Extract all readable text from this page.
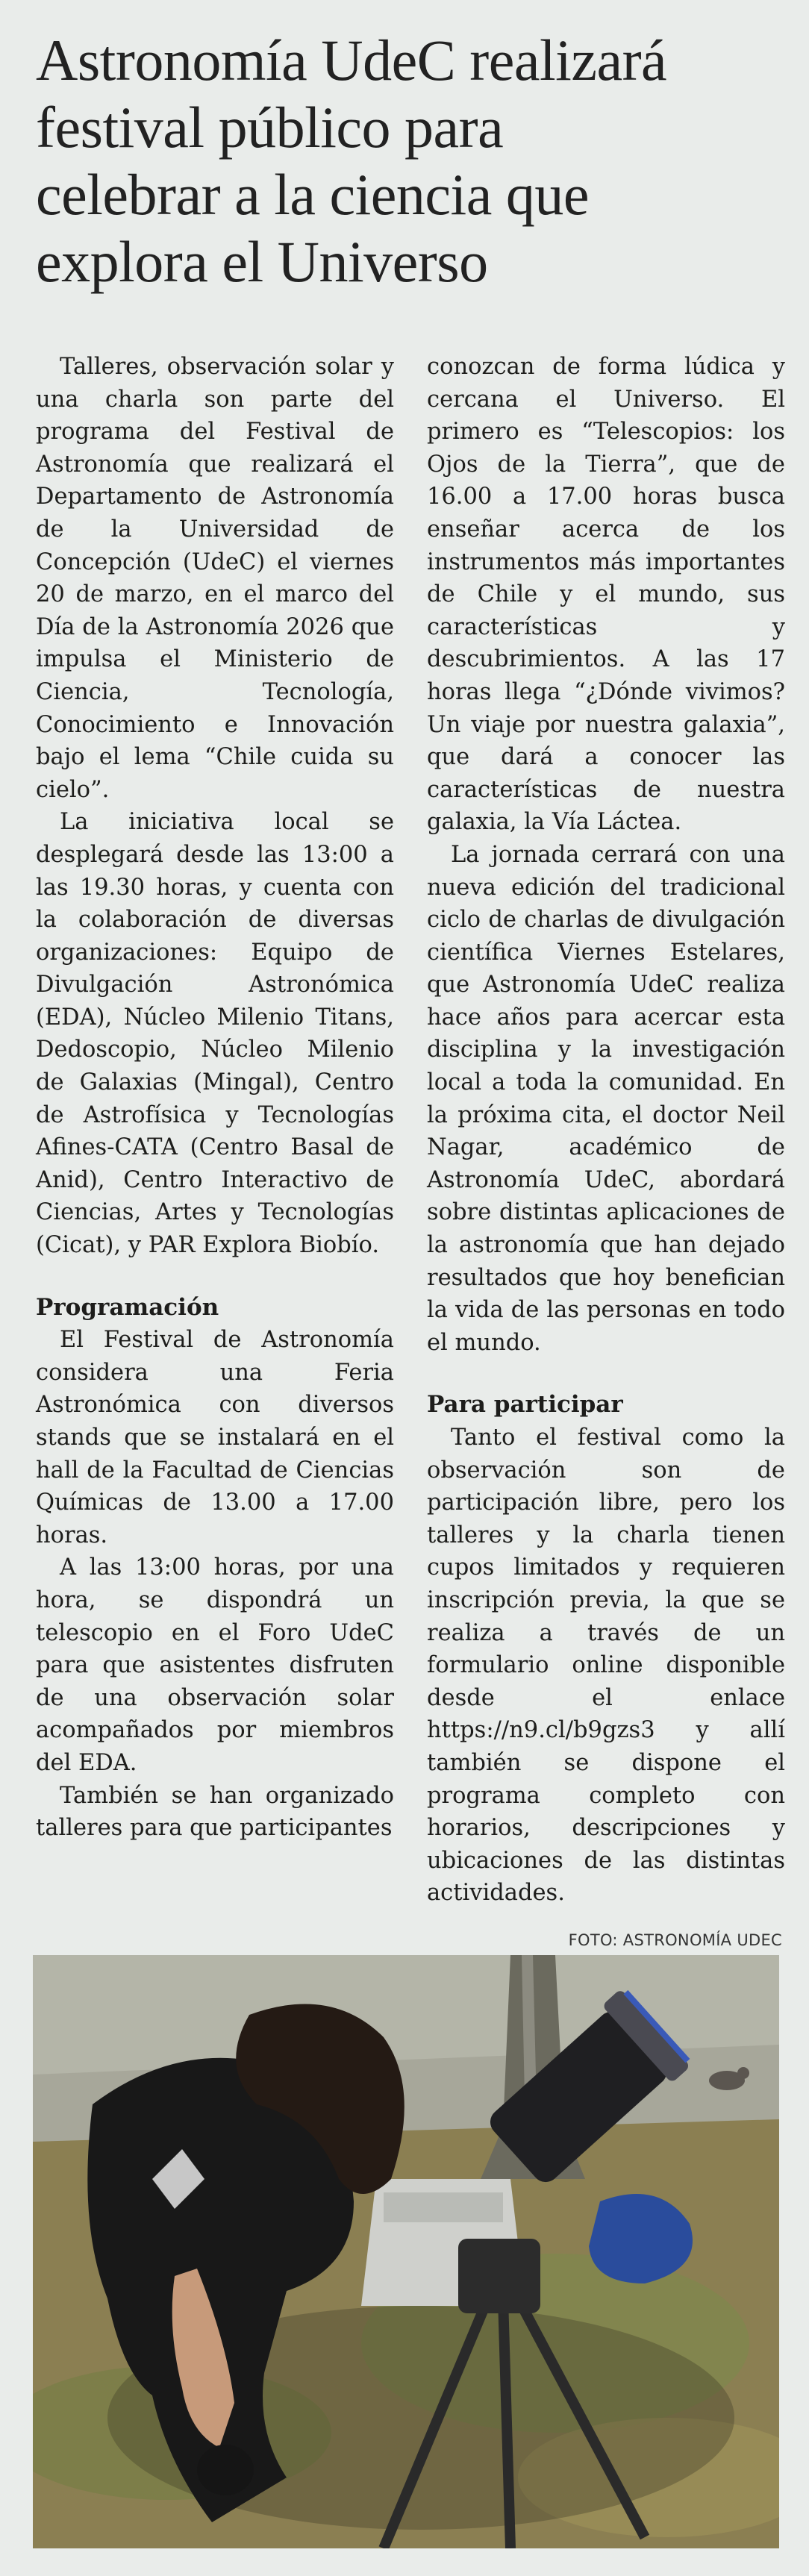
Astronomía UdeC realizará
festival público para
celebrar a la ciencia que
explora el Universo

Talleres, observación solar y una charla son parte del programa del Festival de Astronomía que realizará el Departamento de Astronomía de la Universidad de Concepción (UdeC) el viernes 20 de marzo, en el marco del Día de la Astronomía 2026 que impulsa el Ministerio de Ciencia, Tecnología, Conocimiento e Innovación bajo el lema “Chile cuida su cielo”.

La iniciativa local se desplegará desde las 13:00 a las 19.30 horas, y cuenta con la colaboración de diversas organizaciones: Equipo de Divulgación Astronómica (EDA), Núcleo Milenio Titans, Dedoscopio, Núcleo Milenio de Galaxias (Mingal), Centro de Astrofísica y Tecnologías Afines-CATA (Centro Basal de Anid), Centro Interactivo de Ciencias, Artes y Tecnologías (Cicat), y PAR Explora Biobío.

Programación

El Festival de Astronomía considera una Feria Astronómica con diversos stands que se instalará en el hall de la Facultad de Ciencias Químicas de 13.00 a 17.00 horas.

A las 13:00 horas, por una hora, se dispondrá un telescopio en el Foro UdeC para que asistentes disfruten de una observación solar acompañados por miembros del EDA.

También se han organizado talleres para que participantes

conozcan de forma lúdica y cercana el Universo. El primero es “Telescopios: los Ojos de la Tierra”, que de 16.00 a 17.00 horas busca enseñar acerca de los instrumentos más importantes de Chile y el mundo, sus características y descubrimientos. A las 17 horas llega “¿Dónde vivimos? Un viaje por nuestra galaxia”, que dará a conocer las características de nuestra galaxia, la Vía Láctea.

La jornada cerrará con una nueva edición del tradicional ciclo de charlas de divulgación científica Viernes Estelares, que Astronomía UdeC realiza hace años para acercar esta disciplina y la investigación local a toda la comunidad. En la próxima cita, el doctor Neil Nagar, académico de Astronomía UdeC, abordará sobre distintas aplicaciones de la astronomía que han dejado resultados que hoy benefician la vida de las personas en todo el mundo.

Para participar

Tanto el festival como la observación son de participación libre, pero los talleres y la charla tienen cupos limitados y requieren inscripción previa, la que se realiza a través de un formulario online disponible desde el enlace https://n9.cl/b9gzs3 y allí también se dispone el programa completo con horarios, descripciones y ubicaciones de las distintas actividades.

FOTO: ASTRONOMÍA UDEC
